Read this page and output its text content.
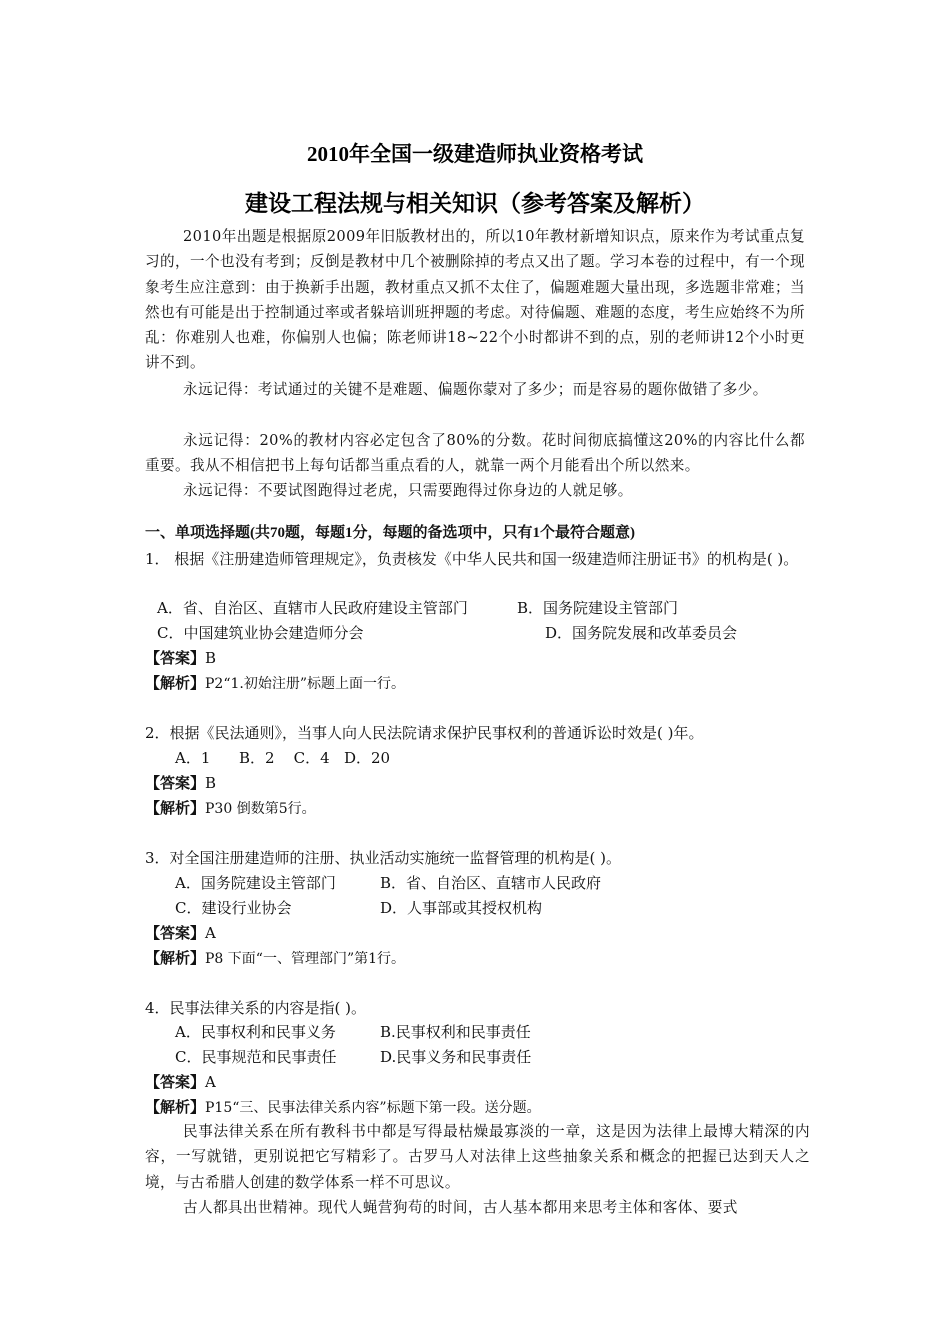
2010年全国一级建造师执业资格考试
建设工程法规与相关知识（参考答案及解析）
2010年出题是根据原2009年旧版教材出的，所以10年教材新增知识点，原来作为考试重点复习的，一个也没有考到；反倒是教材中几个被删除掉的考点又出了题。学习本卷的过程中，有一个现象考生应注意到：由于换新手出题，教材重点又抓不太住了，偏题难题大量出现，多选题非常难；当然也有可能是出于控制通过率或者躲培训班押题的考虑。对待偏题、难题的态度，考生应始终不为所乱：你难别人也难，你偏别人也偏；陈老师讲18~22个小时都讲不到的点，别的老师讲12个小时更讲不到。
永远记得：考试通过的关键不是难题、偏题你蒙对了多少；而是容易的题你做错了多少。
永远记得：20%的教材内容必定包含了80%的分数。花时间彻底搞懂这20%的内容比什么都重要。我从不相信把书上每句话都当重点看的人，就靠一两个月能看出个所以然来。
永远记得：不要试图跑得过老虎，只需要跑得过你身边的人就足够。
一、单项选择题(共70题，每题1分，每题的备选项中，只有1个最符合题意)
1． 根据《注册建造师管理规定》，负责核发《中华人民共和国一级建造师注册证书》的机构是( )。
A．省、自治区、直辖市人民政府建设主管部门	B．国务院建设主管部门
C．中国建筑业协会建造师分会	D．国务院发展和改革委员会
【答案】B
【解析】P2“1.初始注册”标题上面一行。
2．根据《民法通则》，当事人向人民法院请求保护民事权利的普通诉讼时效是( )年。
A．1      B．2    C．4   D．20
【答案】B
【解析】P30 倒数第5行。
3．对全国注册建造师的注册、执业活动实施统一监督管理的机构是( )。
A．国务院建设主管部门	B．省、自治区、直辖市人民政府
C．建设行业协会	D．人事部或其授权机构
【答案】A
【解析】P8 下面“一、管理部门”第1行。
4．民事法律关系的内容是指( )。
A．民事权利和民事义务	B.民事权利和民事责任
C．民事规范和民事责任	D.民事义务和民事责任
【答案】A
【解析】P15“三、民事法律关系内容”标题下第一段。送分题。
民事法律关系在所有教科书中都是写得最枯燥最寡淡的一章，这是因为法律上最博大精深的内容，一写就错，更别说把它写精彩了。古罗马人对法律上这些抽象关系和概念的把握已达到天人之境，与古希腊人创建的数学体系一样不可思议。
古人都具出世精神。现代人蝇营狗苟的时间，古人基本都用来思考主体和客体、要式
